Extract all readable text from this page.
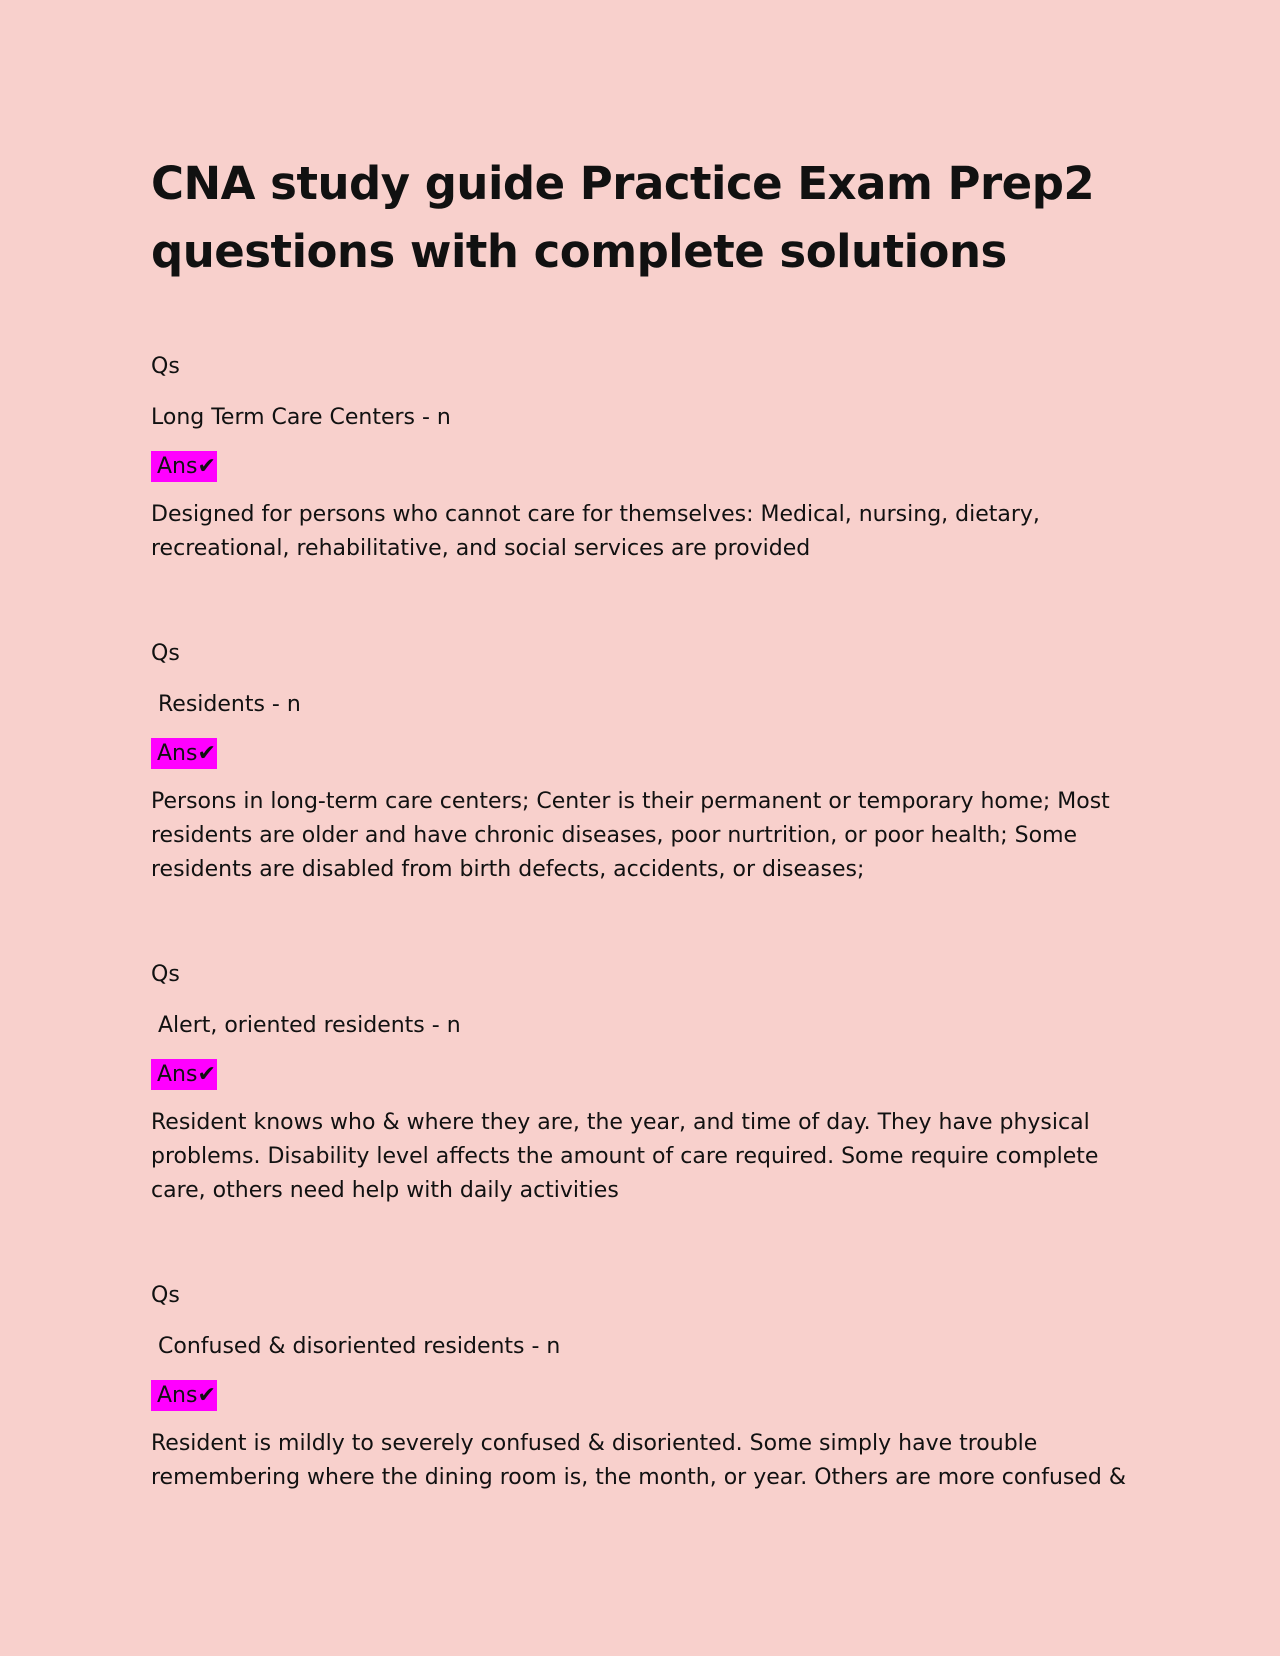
CNA study guide Practice Exam Prep2 questions with complete solutions
Qs
Long Term Care Centers - n
Ans✔
Designed for persons who cannot care for themselves: Medical, nursing, dietary, recreational, rehabilitative, and social services are provided
Qs
Residents - n
Ans✔
Persons in long-term care centers; Center is their permanent or temporary home; Most residents are older and have chronic diseases, poor nurtrition, or poor health; Some residents are disabled from birth defects, accidents, or diseases;
Qs
Alert, oriented residents - n
Ans✔
Resident knows who & where they are, the year, and time of day. They have physical problems. Disability level affects the amount of care required. Some require complete care, others need help with daily activities
Qs
Confused & disoriented residents - n
Ans✔
Resident is mildly to severely confused & disoriented. Some simply have trouble remembering where the dining room is, the month, or year. Others are more confused &
